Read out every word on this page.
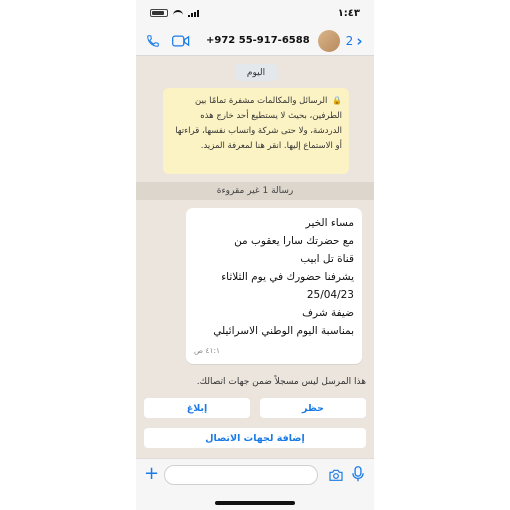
١:٤٣
+972 55-917-6588	2 ›
اليوم
🔒 الرسائل والمكالمات مشفرة تمامًا بين الطرفين، بحيث لا يستطيع أحد خارج هذه الدردشة، ولا حتى شركة واتساب نفسها، قراءتها أو الاستماع إليها. انقر هنا لمعرفة المزيد.
رسالة 1 غير مقروءة
مساء الخير
مع حضرتك سارا يعقوب من
قناة تل ابيب
يشرفنا حضورك في يوم الثلاثاء
25/04/23
ضيفة شرف
بمناسبة اليوم الوطني الاسرائيلي
٤١:١ ص
هذا المرسل ليس مسجلاً ضمن جهات اتصالك.
حظر
إبلاغ
إضافة لجهات الاتصال
+
